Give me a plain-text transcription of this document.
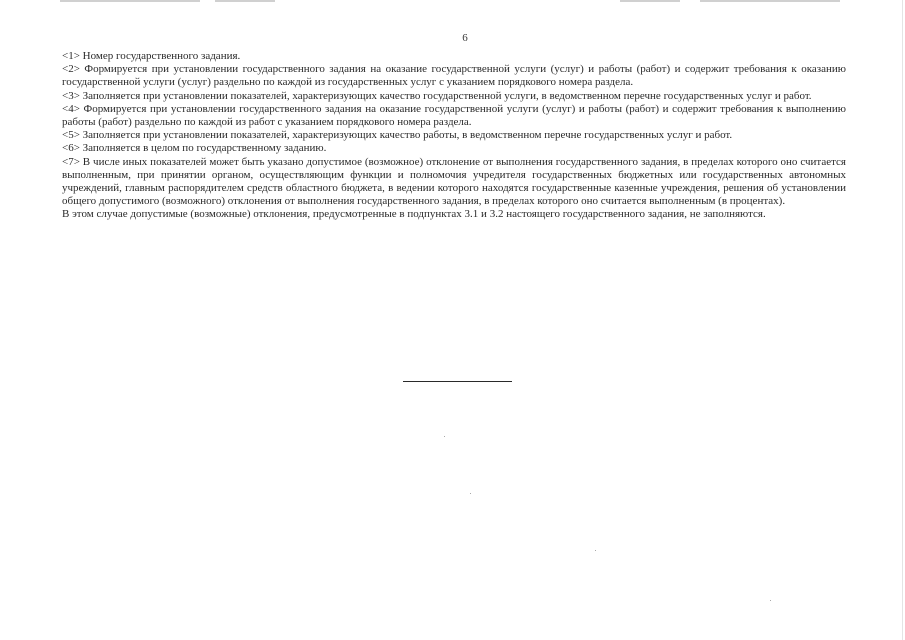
6

<1> Номер государственного задания.

<2> Формируется при установлении государственного задания на оказание государственной услуги (услуг) и работы (работ) и содержит требования к оказанию государственной услуги (услуг) раздельно по каждой из государственных услуг с указанием порядкового номера раздела.

<3> Заполняется при установлении показателей, характеризующих качество государственной услуги, в ведомственном перечне государственных услуг и работ.

<4> Формируется при установлении государственного задания на оказание государственной услуги (услуг) и работы (работ) и содержит требования к выполнению работы (работ) раздельно по каждой из работ с указанием порядкового номера раздела.

<5> Заполняется при установлении показателей, характеризующих качество работы, в ведомственном перечне государственных услуг и работ.

<6> Заполняется в целом по государственному заданию.

<7> В числе иных показателей может быть указано допустимое (возможное) отклонение от выполнения государственного задания, в пределах которого оно считается выполненным, при принятии органом, осуществляющим функции и полномочия учредителя государственных бюджетных или государственных автономных учреждений, главным распорядителем средств областного бюджета, в ведении которого находятся государственные казенные учреждения, решения об установлении общего допустимого (возможного) отклонения от выполнения государственного задания, в пределах которого оно считается выполненным (в процентах).

В этом случае допустимые (возможные) отклонения, предусмотренные в подпунктах 3.1 и 3.2 настоящего государственного задания, не заполняются.
